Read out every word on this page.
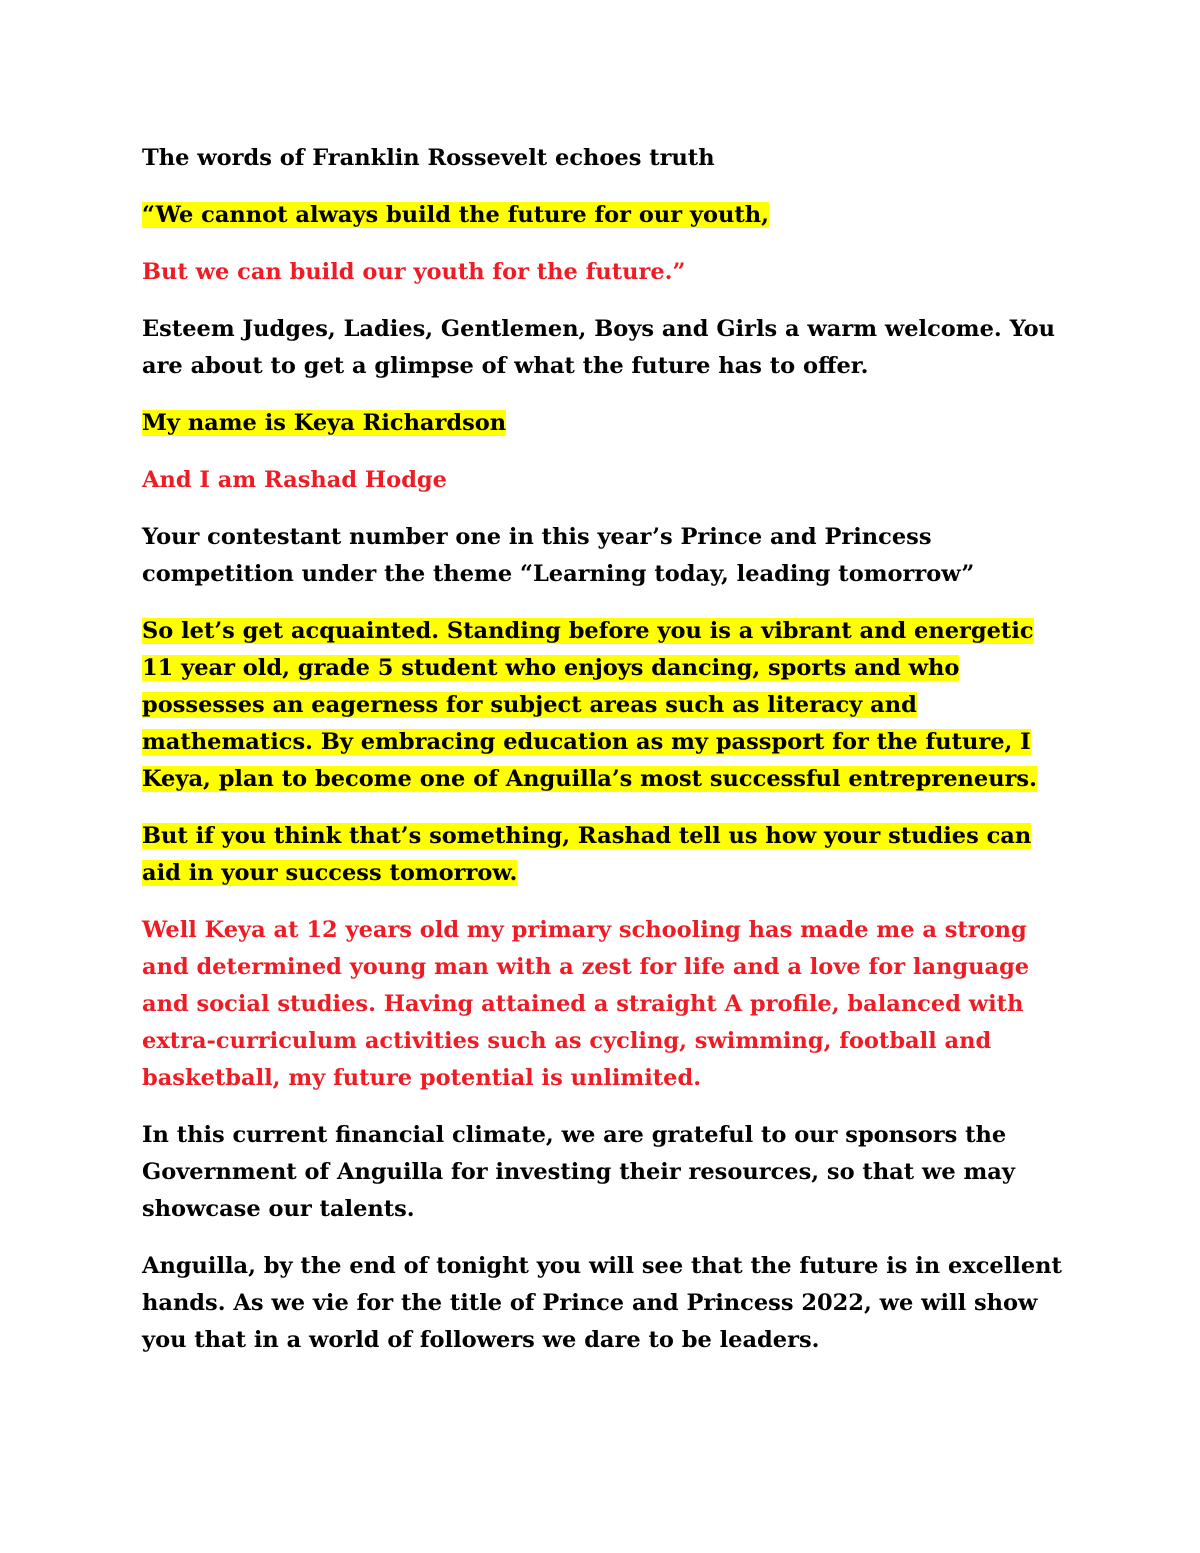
The words of Franklin Rossevelt echoes truth

“We cannot always build the future for our youth,

But we can build our youth for the future.”

Esteem Judges, Ladies, Gentlemen, Boys and Girls a warm welcome. You are about to get a glimpse of what the future has to offer.

My name is Keya Richardson

And I am Rashad Hodge

Your contestant number one in this year’s Prince and Princess competition under the theme “Learning today, leading tomorrow”

So let’s get acquainted. Standing before you is a vibrant and energetic 11 year old, grade 5 student who enjoys dancing, sports and who possesses an eagerness for subject areas such as literacy and mathematics. By embracing education as my passport for the future, I Keya, plan to become one of Anguilla’s most successful entrepreneurs.

But if you think that’s something, Rashad tell us how your studies can aid in your success tomorrow.

Well Keya at 12 years old my primary schooling has made me a strong and determined young man with a zest for life and a love for language and social studies. Having attained a straight A profile, balanced with extra-curriculum activities such as cycling, swimming, football and basketball, my future potential is unlimited.

In this current financial climate, we are grateful to our sponsors the Government of Anguilla for investing their resources, so that we may showcase our talents.

Anguilla, by the end of tonight you will see that the future is in excellent hands. As we vie for the title of Prince and Princess 2022, we will show you that in a world of followers we dare to be leaders.
